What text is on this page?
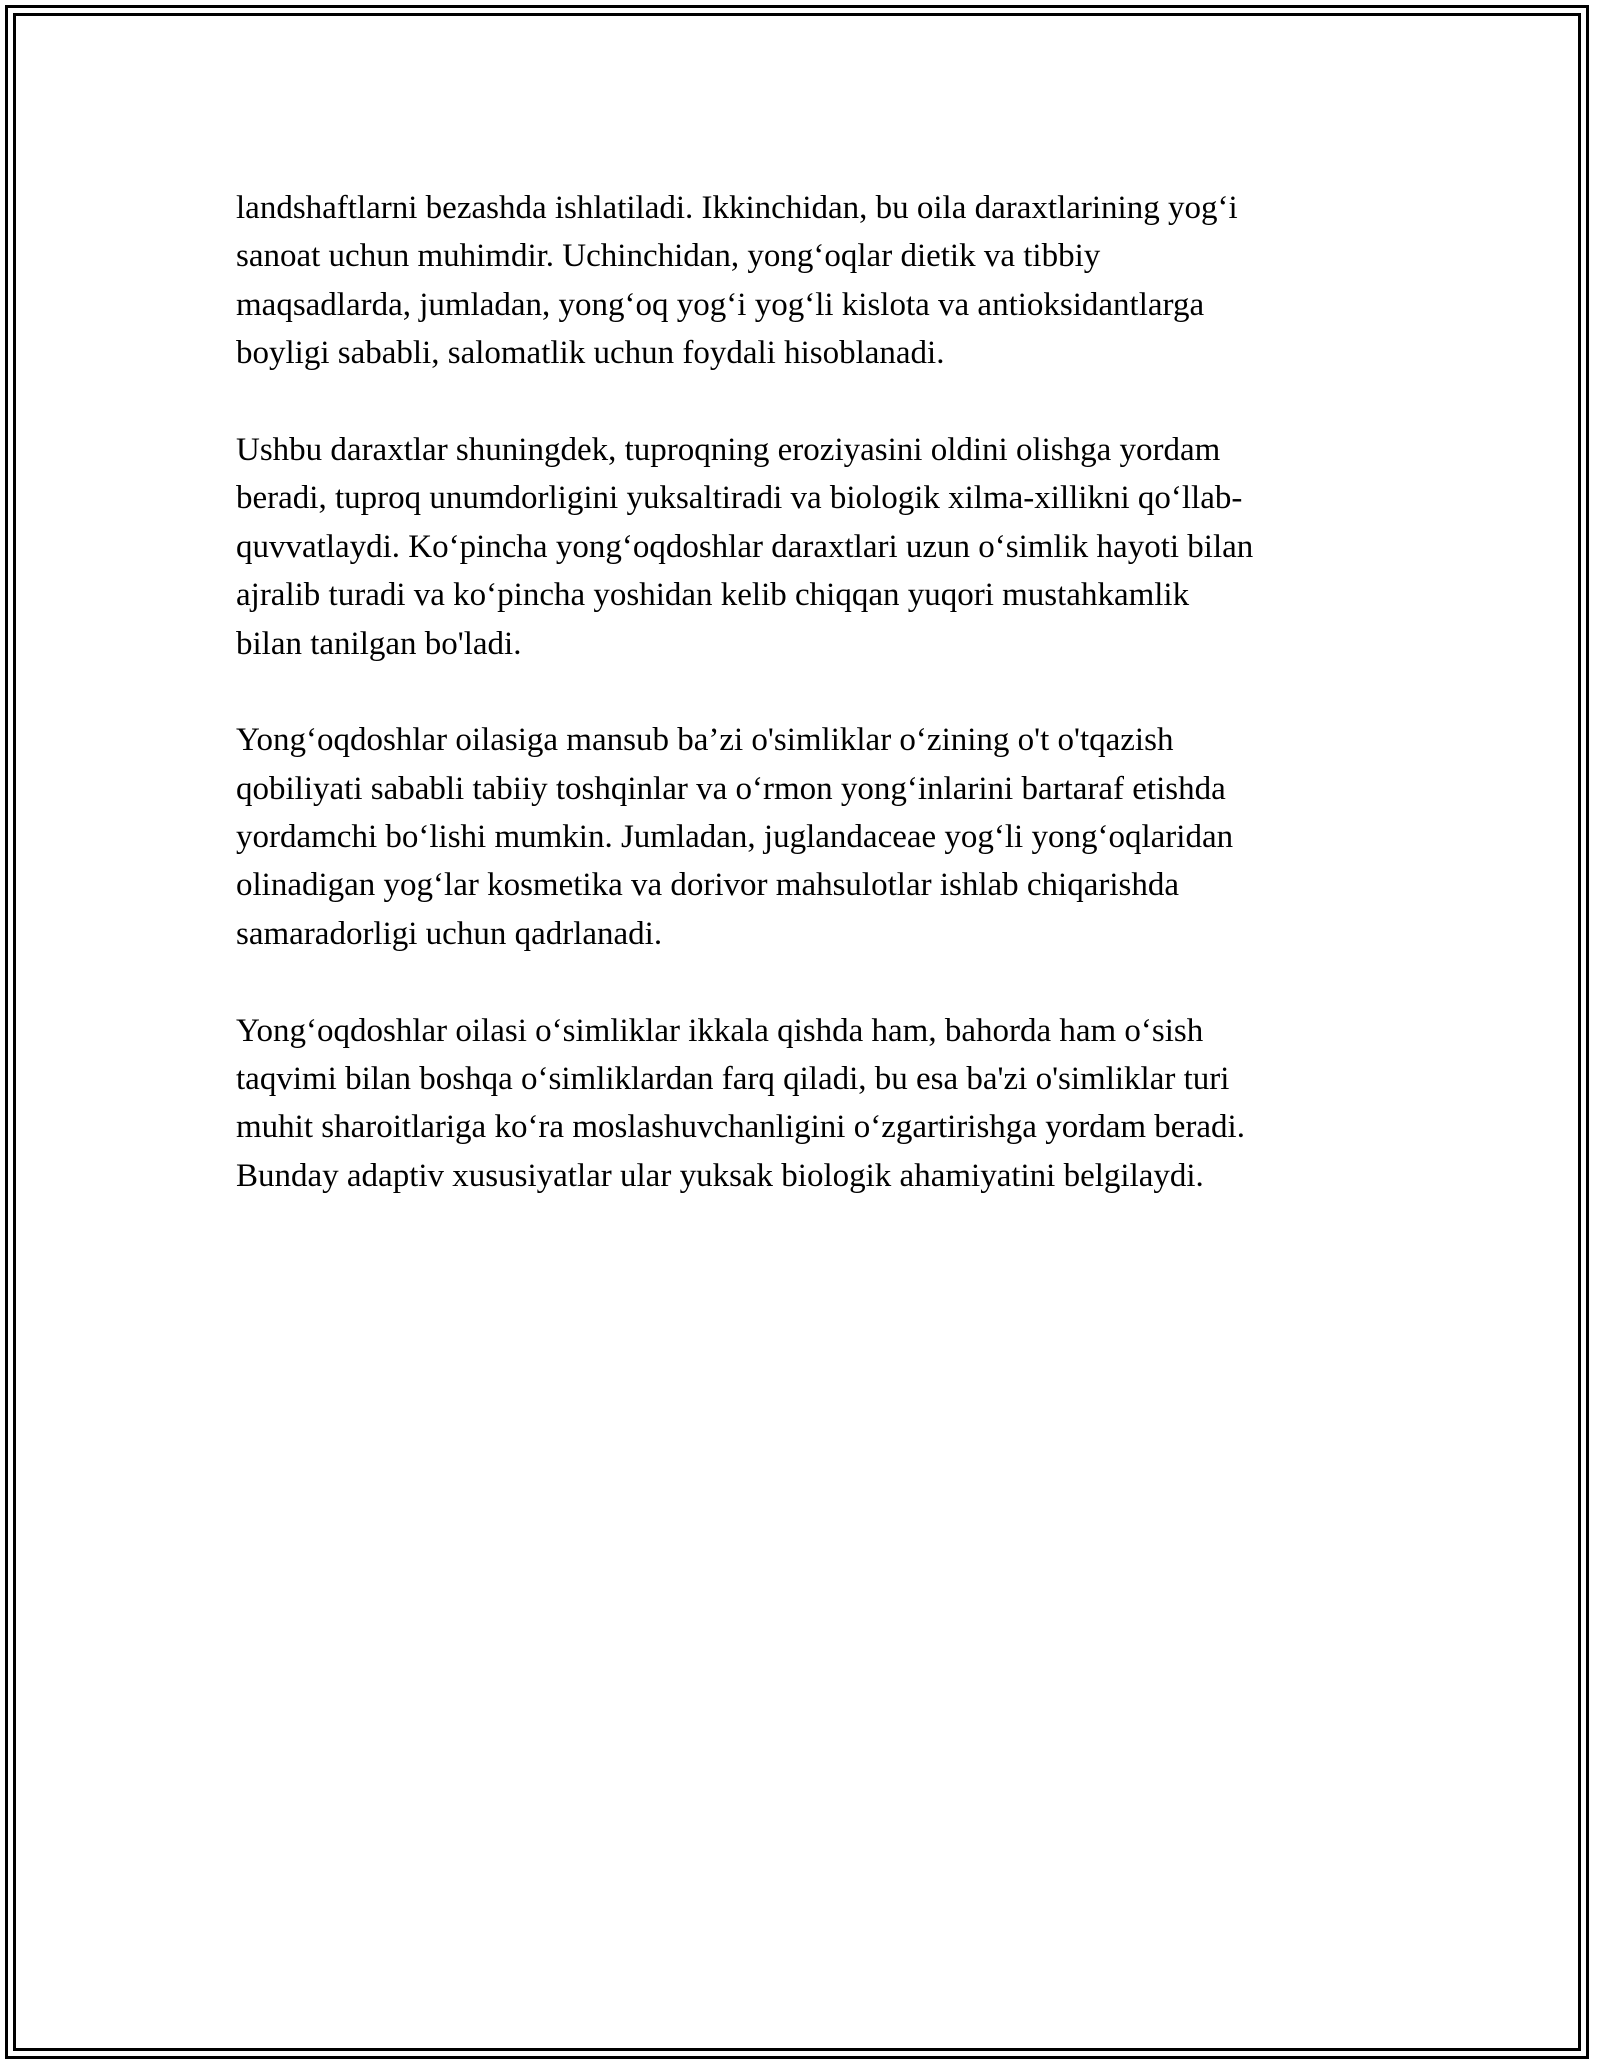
landshaftlarni bezashda ishlatiladi. Ikkinchidan, bu oila daraxtlarining yog‘i
sanoat uchun muhimdir. Uchinchidan, yong‘oqlar dietik va tibbiy
maqsadlarda, jumladan, yong‘oq yog‘i yog‘li kislota va antioksidantlarga
boyligi sababli, salomatlik uchun foydali hisoblanadi.

Ushbu daraxtlar shuningdek, tuproqning eroziyasini oldini olishga yordam
beradi, tuproq unumdorligini yuksaltiradi va biologik xilma-xillikni qo‘llab-
quvvatlaydi. Ko‘pincha yong‘oqdoshlar daraxtlari uzun o‘simlik hayoti bilan
ajralib turadi va ko‘pincha yoshidan kelib chiqqan yuqori mustahkamlik
bilan tanilgan bo'ladi.

Yong‘oqdoshlar oilasiga mansub ba’zi o'simliklar o‘zining o't o'tqazish
qobiliyati sababli tabiiy toshqinlar va o‘rmon yong‘inlarini bartaraf etishda
yordamchi bo‘lishi mumkin. Jumladan, juglandaceae yog‘li yong‘oqlaridan
olinadigan yog‘lar kosmetika va dorivor mahsulotlar ishlab chiqarishda
samaradorligi uchun qadrlanadi.

Yong‘oqdoshlar oilasi o‘simliklar ikkala qishda ham, bahorda ham o‘sish
taqvimi bilan boshqa o‘simliklardan farq qiladi, bu esa ba'zi o'simliklar turi
muhit sharoitlariga ko‘ra moslashuvchanligini o‘zgartirishga yordam beradi.
Bunday adaptiv xususiyatlar ular yuksak biologik ahamiyatini belgilaydi.
